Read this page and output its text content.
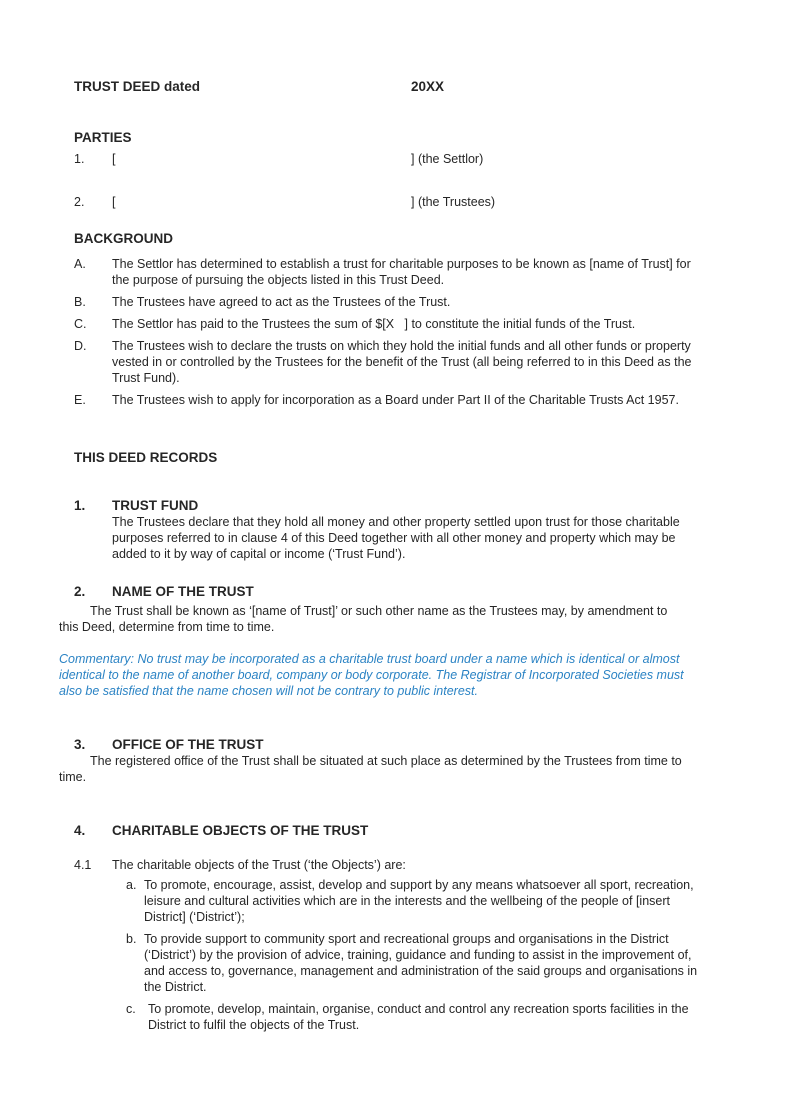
TRUST DEED dated	20XX
PARTIES
1.	[	] (the Settlor)
2.	[	] (the Trustees)
BACKGROUND
A.	The Settlor has determined to establish a trust for charitable purposes to be known as [name of Trust] for
the purpose of pursuing the objects listed in this Trust Deed.
B.	The Trustees have agreed to act as the Trustees of the Trust.
C.	The Settlor has paid to the Trustees the sum of $[X   ] to constitute the initial funds of the Trust.
D.	The Trustees wish to declare the trusts on which they hold the initial funds and all other funds or property
vested in or controlled by the Trustees for the benefit of the Trust (all being referred to in this Deed as the
Trust Fund).
E.	The Trustees wish to apply for incorporation as a Board under Part II of the Charitable Trusts Act 1957.
THIS DEED RECORDS
1.	TRUST FUND
The Trustees declare that they hold all money and other property settled upon trust for those charitable
purposes referred to in clause 4 of this Deed together with all other money and property which may be
added to it by way of capital or income (‘Trust Fund’).
2.	NAME OF THE TRUST
The Trust shall be known as ‘[name of Trust]’ or such other name as the Trustees may, by amendment to
this Deed, determine from time to time.
Commentary: No trust may be incorporated as a charitable trust board under a name which is identical or almost
identical to the name of another board, company or body corporate. The Registrar of Incorporated Societies must
also be satisfied that the name chosen will not be contrary to public interest.
3.	OFFICE OF THE TRUST
The registered office of the Trust shall be situated at such place as determined by the Trustees from time to
time.
4.	CHARITABLE OBJECTS OF THE TRUST
4.1	The charitable objects of the Trust (‘the Objects’) are:
a. To promote, encourage, assist, develop and support by any means whatsoever all sport, recreation,
leisure and cultural activities which are in the interests and the wellbeing of the people of [insert
District] (‘District’);
b. To provide support to community sport and recreational groups and organisations in the District
(‘District’) by the provision of advice, training, guidance and funding to assist in the improvement of,
and access to, governance, management and administration of the said groups and organisations in
the District.
c. To promote, develop, maintain, organise, conduct and control any recreation sports facilities in the
District to fulfil the objects of the Trust.
